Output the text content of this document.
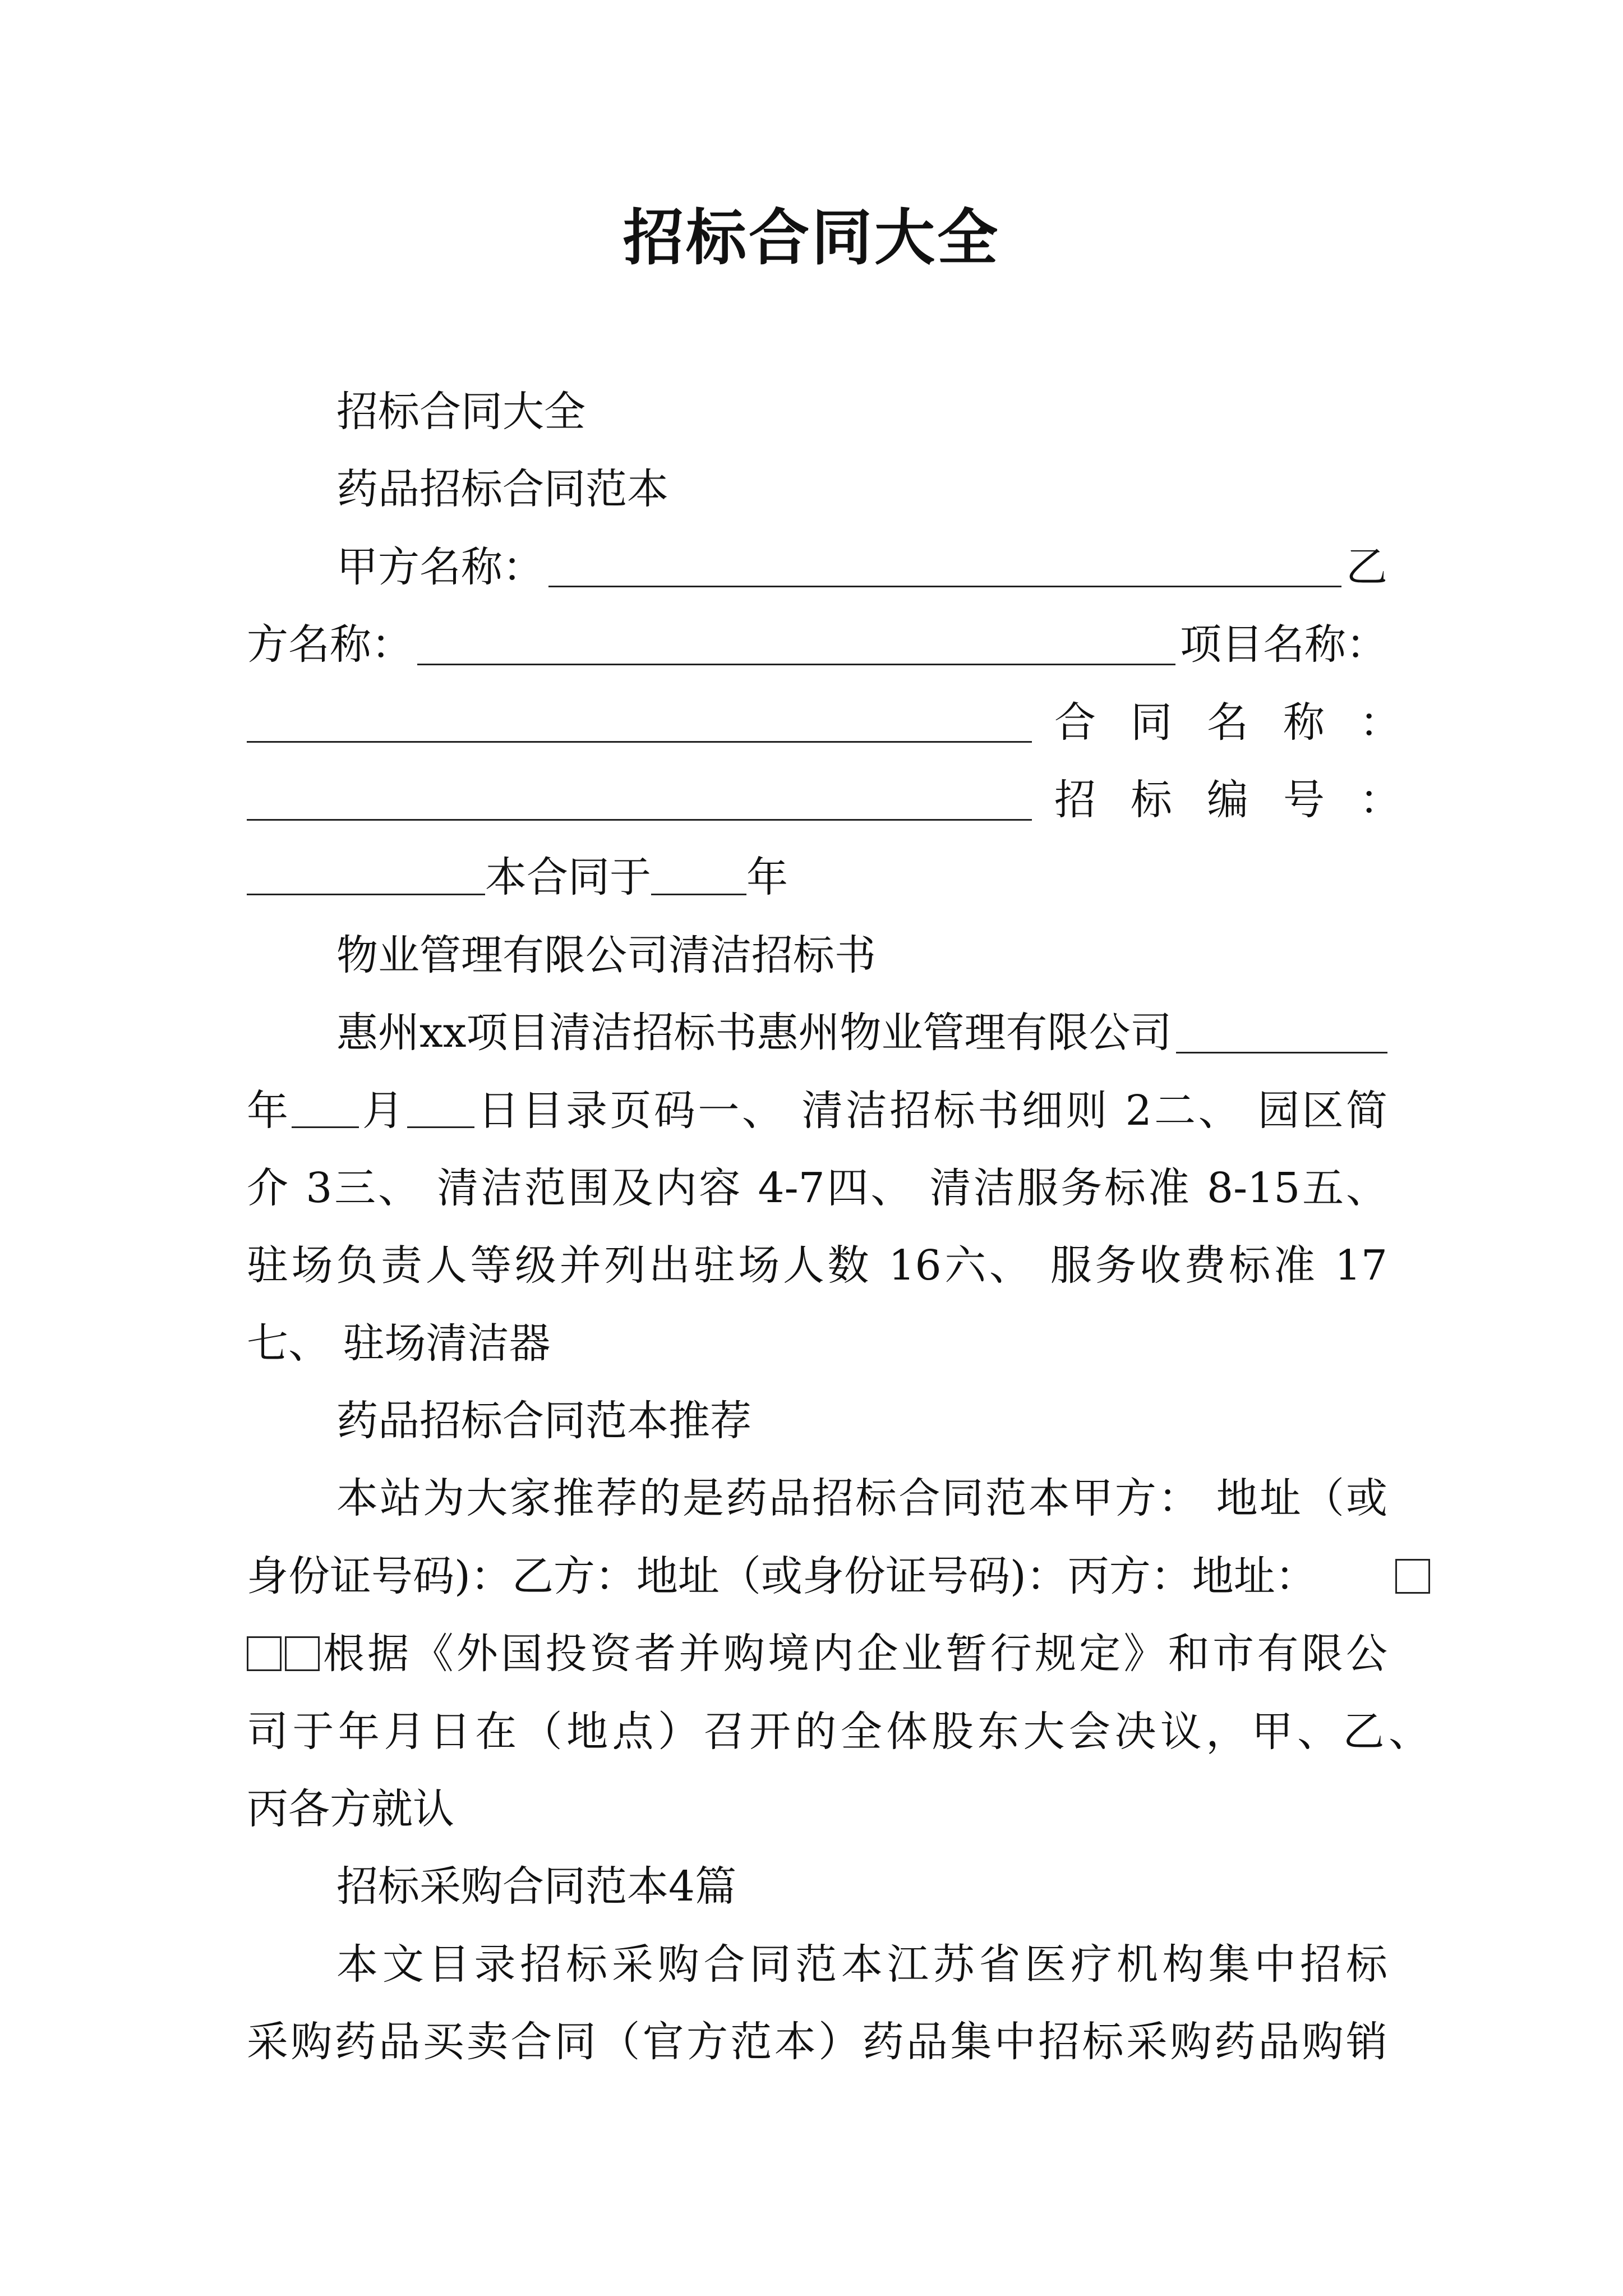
招标合同大全
招标合同大全
药品招标合同范本
甲方名称：	乙
方名称：	项目名称：
合同名称：
招标编号：
本合同于 年
物业管理有限公司清洁招标书
惠州xx项目清洁招标书惠州物业管理有限公司
年 月 日目录页码一、 清洁招标书细则 2二、 园区简
介 3三、 清洁范围及内容 4-7四、 清洁服务标准 8-15五、
驻场负责人等级并列出驻场人数 16六、 服务收费标准 17
七、 驻场清洁器
药品招标合同范本推荐
本站为大家推荐的是药品招标合同范本甲方： 地址（或
身份证号码)：乙方：地址（或身份证号码)：丙方：地址：
根据《外国投资者并购境内企业暂行规定》和市有限公
司于年月日在（地点）召开的全体股东大会决议，甲、乙、
丙各方就认
招标采购合同范本4篇
本文目录招标采购合同范本江苏省医疗机构集中招标
采购药品买卖合同（官方范本）药品集中招标采购药品购销
